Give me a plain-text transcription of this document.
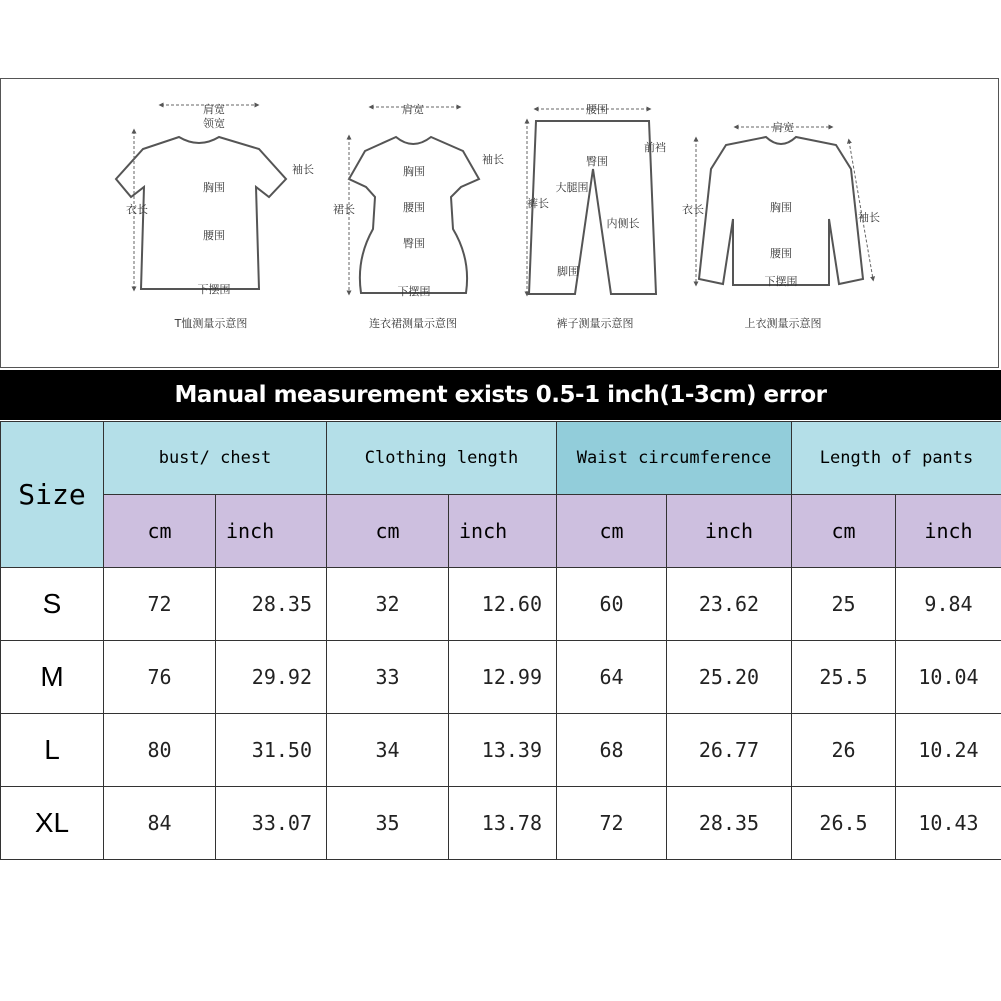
肩宽
领宽
袖长
胸围
衣长
腰围
下摆围
肩宽
袖长
胸围
腰围
裙长
臀围
下摆围
腰围
前裆
臀围
裤长
大腿围
内侧长
脚围
肩宽
衣长	胸围
袖长
腰围
下摆围
T恤测量示意图	连衣裙测量示意图	裤子测量示意图	上衣测量示意图
Manual measurement exists 0.5-1 inch(1-3cm) error
Size	bust/ chest		Clothing length		Waist circumference		Length of pants	
	cm	inch	cm	inch	cm	inch	cm	inch
S	72	28.35	32	12.60	60	23.62	25	9.84
M	76	29.92	33	12.99	64	25.20	25.5	10.04
L	80	31.50	34	13.39	68	26.77	26	10.24
XL	84	33.07	35	13.78	72	28.35	26.5	10.43
